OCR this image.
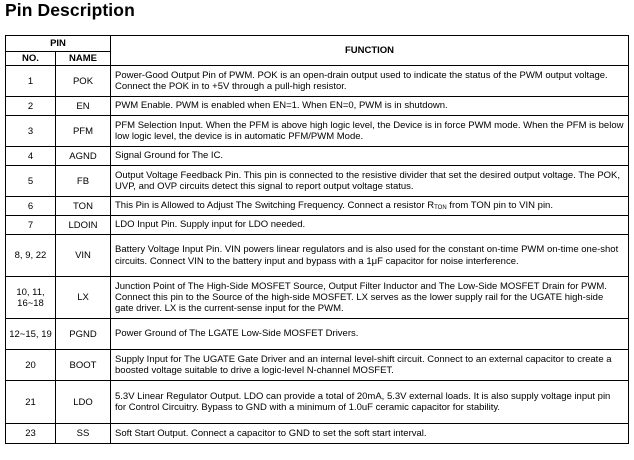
Pin Description
PIN		FUNCTION
NO.	NAME	
1	POK	Power-Good Output Pin of PWM. POK is an open-drain output used to indicate the status of the PWM output voltage. Connect the POK in to +5V through a pull-high resistor.
2	EN	PWM Enable. PWM is enabled when EN=1. When EN=0, PWM is in shutdown.
3	PFM	PFM Selection Input. When the PFM is above high logic level, the Device is in force PWM mode. When the PFM is below low logic level, the device is in automatic PFM/PWM Mode.
4	AGND	Signal Ground for The IC.
5	FB	Output Voltage Feedback Pin. This pin is connected to the resistive divider that set the desired output voltage. The POK, UVP, and OVP circuits detect this signal to report output voltage status.
6	TON	This Pin is Allowed to Adjust The Switching Frequency. Connect a resistor $R_{TON}$ from TON pin to VIN pin.
7	LDOIN	LDO Input Pin. Supply input for LDO needed.
8, 9, 22	VIN	Battery Voltage Input Pin. VIN powers linear regulators and is also used for the constant on-time PWM on-time one-shot circuits. Connect VIN to the battery input and bypass with a 1μF capacitor for noise interference.
10, 11, 16~18	LX	Junction Point of The High-Side MOSFET Source, Output Filter Inductor and The Low-Side MOSFET Drain for PWM. Connect this pin to the Source of the high-side MOSFET. LX serves as the lower supply rail for the UGATE high-side gate driver. LX is the current-sense input for the PWM.
12~15, 19	PGND	Power Ground of The LGATE Low-Side MOSFET Drivers.
20	BOOT	Supply Input for The UGATE Gate Driver and an internal level-shift circuit. Connect to an external capacitor to create a boosted voltage suitable to drive a logic-level N-channel MOSFET.
21	LDO	5.3V Linear Regulator Output. LDO can provide a total of 20mA, 5.3V external loads. It is also supply voltage input pin for Control Circuitry. Bypass to GND with a minimum of 1.0uF ceramic capacitor for stability.
23	SS	Soft Start Output. Connect a capacitor to GND to set the soft start interval.
